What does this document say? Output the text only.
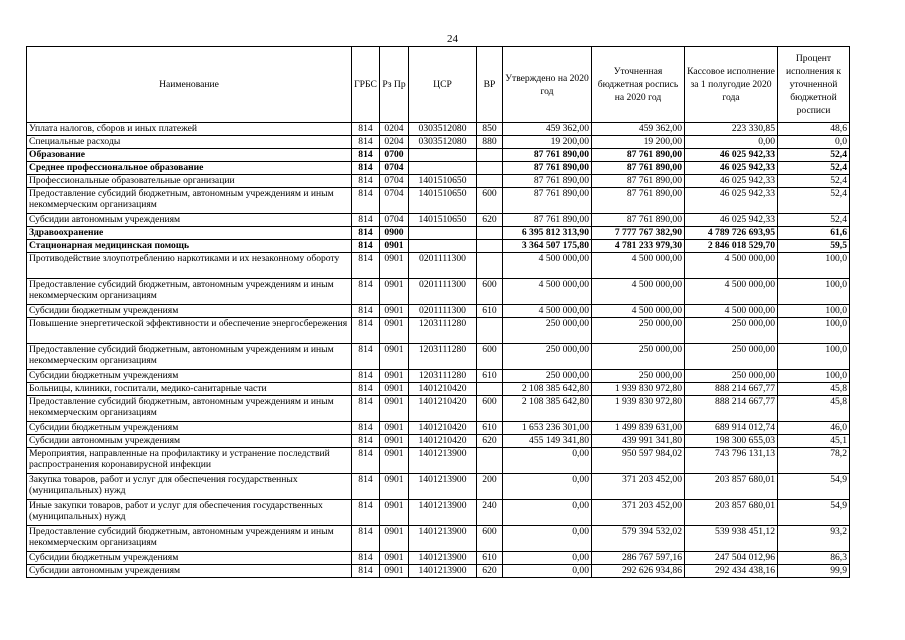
24
Наименование	ГРБС	Рз Пр	ЦСР	ВР	Утверждено на 2020 год	Уточненная бюджетная роспись на 2020 год	Кассовое исполнение за 1 полугодие 2020 года	Процент исполнения к уточненной бюджетной росписи
Уплата налогов, сборов и иных платежей	814	0204	0303512080	850	459 362,00	459 362,00	223 330,85	48,6
Специальные расходы	814	0204	0303512080	880	19 200,00	19 200,00	0,00	0,0
Образование	814	0700			87 761 890,00	87 761 890,00	46 025 942,33	52,4
Среднее профессиональное образование	814	0704			87 761 890,00	87 761 890,00	46 025 942,33	52,4
Профессиональные образовательные организации	814	0704	1401510650		87 761 890,00	87 761 890,00	46 025 942,33	52,4
Предоставление субсидий бюджетным, автономным учреждениям и иным некоммерческим организациям	814	0704	1401510650	600	87 761 890,00	87 761 890,00	46 025 942,33	52,4
Субсидии автономным учреждениям	814	0704	1401510650	620	87 761 890,00	87 761 890,00	46 025 942,33	52,4
Здравоохранение	814	0900			6 395 812 313,90	7 777 767 382,90	4 789 726 693,95	61,6
Стационарная медицинская помощь	814	0901			3 364 507 175,80	4 781 233 979,30	2 846 018 529,70	59,5
Противодействие злоупотреблению наркотиками и их незаконному обороту	814	0901	0201111300		4 500 000,00	4 500 000,00	4 500 000,00	100,0
Предоставление субсидий бюджетным, автономным учреждениям и иным некоммерческим организациям	814	0901	0201111300	600	4 500 000,00	4 500 000,00	4 500 000,00	100,0
Субсидии бюджетным учреждениям	814	0901	0201111300	610	4 500 000,00	4 500 000,00	4 500 000,00	100,0
Повышение энергетической эффективности и обеспечение энергосбережения	814	0901	1203111280		250 000,00	250 000,00	250 000,00	100,0
Предоставление субсидий бюджетным, автономным учреждениям и иным некоммерческим организациям	814	0901	1203111280	600	250 000,00	250 000,00	250 000,00	100,0
Субсидии бюджетным учреждениям	814	0901	1203111280	610	250 000,00	250 000,00	250 000,00	100,0
Больницы, клиники, госпитали, медико-санитарные части	814	0901	1401210420		2 108 385 642,80	1 939 830 972,80	888 214 667,77	45,8
Предоставление субсидий бюджетным, автономным учреждениям и иным некоммерческим организациям	814	0901	1401210420	600	2 108 385 642,80	1 939 830 972,80	888 214 667,77	45,8
Субсидии бюджетным учреждениям	814	0901	1401210420	610	1 653 236 301,00	1 499 839 631,00	689 914 012,74	46,0
Субсидии автономным учреждениям	814	0901	1401210420	620	455 149 341,80	439 991 341,80	198 300 655,03	45,1
Мероприятия, направленные на профилактику и устранение последствий распространения коронавирусной инфекции	814	0901	1401213900		0,00	950 597 984,02	743 796 131,13	78,2
Закупка товаров, работ и услуг для обеспечения государственных (муниципальных) нужд	814	0901	1401213900	200	0,00	371 203 452,00	203 857 680,01	54,9
Иные закупки товаров, работ и услуг для обеспечения государственных (муниципальных) нужд	814	0901	1401213900	240	0,00	371 203 452,00	203 857 680,01	54,9
Предоставление субсидий бюджетным, автономным учреждениям и иным некоммерческим организациям	814	0901	1401213900	600	0,00	579 394 532,02	539 938 451,12	93,2
Субсидии бюджетным учреждениям	814	0901	1401213900	610	0,00	286 767 597,16	247 504 012,96	86,3
Субсидии автономным учреждениям	814	0901	1401213900	620	0,00	292 626 934,86	292 434 438,16	99,9
